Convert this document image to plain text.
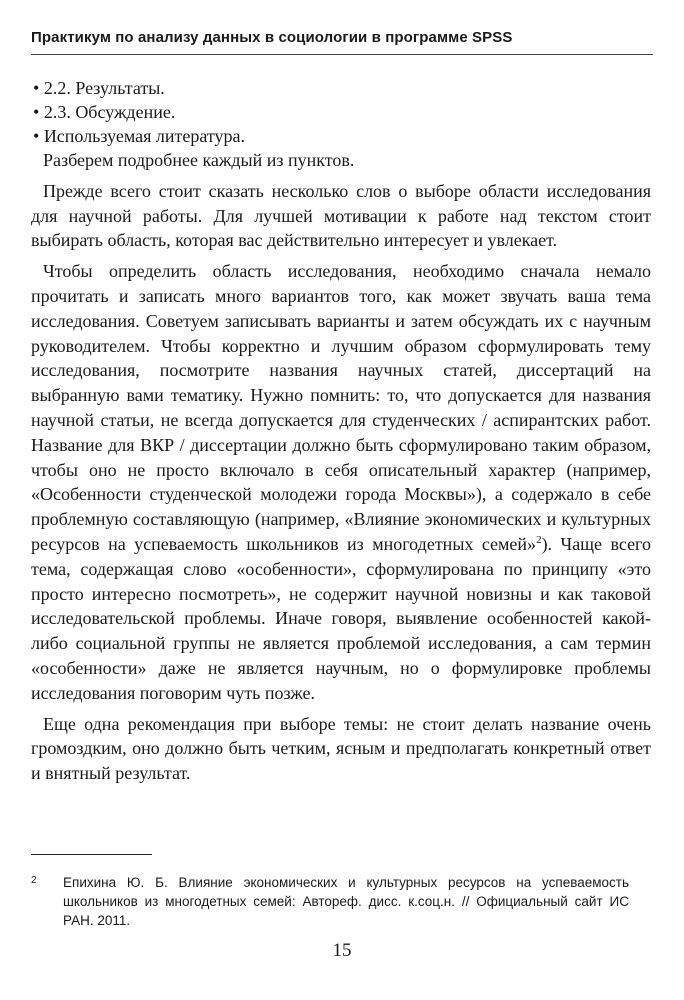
Практикум по анализу данных в социологии в программе SPSS
• 2.2. Результаты.
• 2.3. Обсуждение.
• Используемая литература.

Разберем подробнее каждый из пунктов.

Прежде всего стоит сказать несколько слов о выборе области исследования для научной работы. Для лучшей мотивации к работе над текстом стоит выбирать область, которая вас действительно интересует и увлекает.

Чтобы определить область исследования, необходимо сначала немало прочитать и записать много вариантов того, как может звучать ваша тема исследования. Советуем записывать варианты и затем обсуждать их с научным руководителем. Чтобы корректно и лучшим образом сформулировать тему исследования, посмотрите названия научных статей, диссертаций на выбранную вами тематику. Нужно помнить: то, что допускается для названия научной статьи, не всегда допускается для студенческих / аспирантских работ. Название для ВКР / диссертации должно быть сформулировано таким образом, чтобы оно не просто включало в себя описательный характер (например, «Особенности студенческой молодежи города Москвы»), а содержало в себе проблемную составляющую (например, «Влияние экономических и культурных ресурсов на успеваемость школьников из многодетных семей»$^2$). Чаще всего тема, содержащая слово «особенности», сформулирована по принципу «это просто интересно посмотреть», не содержит научной новизны и как таковой исследовательской проблемы. Иначе говоря, выявление особенностей какой-либо социальной группы не является проблемой исследования, а сам термин «особенности» даже не является научным, но о формулировке проблемы исследования поговорим чуть позже.

Еще одна рекомендация при выборе темы: не стоит делать название очень громоздким, оно должно быть четким, ясным и предполагать конкретный ответ и внятный результат.

2 Епихина Ю. Б. Влияние экономических и культурных ресурсов на успеваемость школьников из многодетных семей: Автореф. дисс. к.соц.н. // Официальный сайт ИС РАН. 2011.
15
